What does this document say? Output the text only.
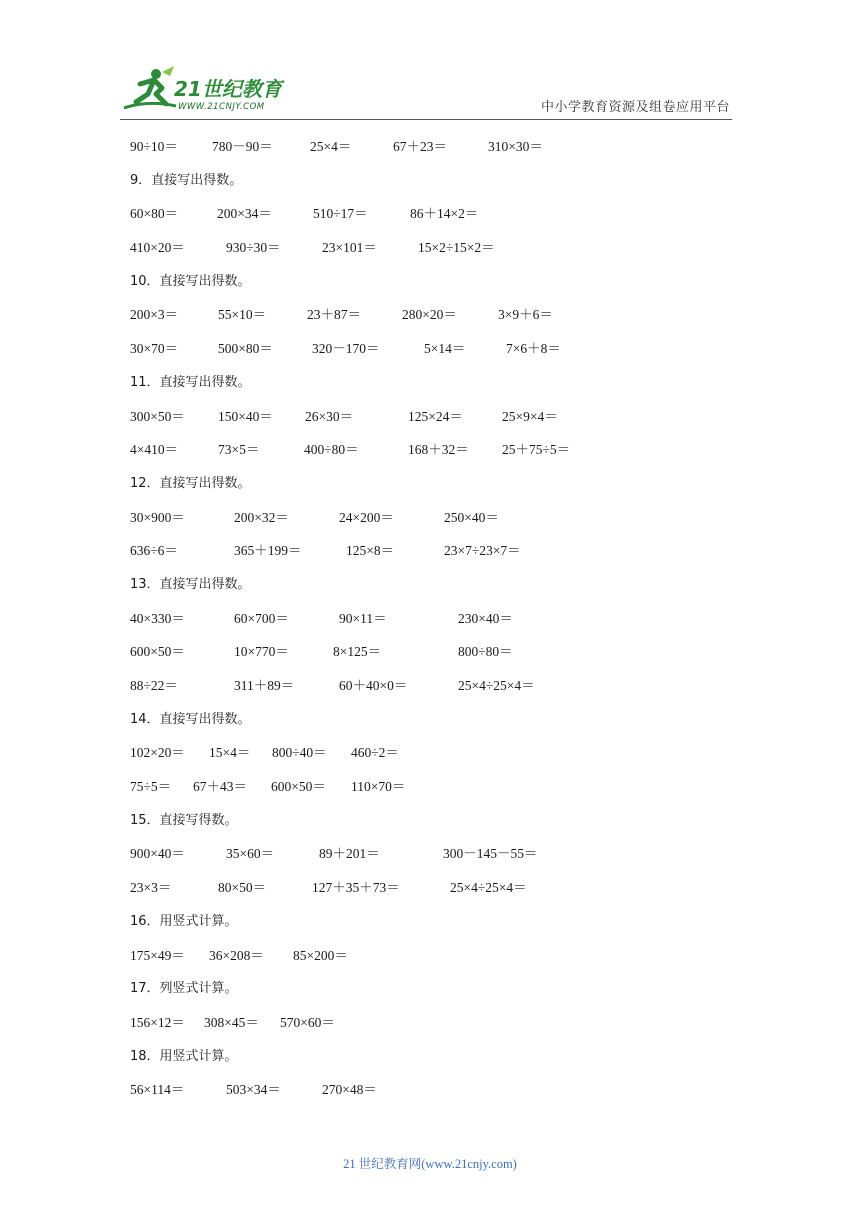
21世纪教育
WWW.21CNJY.COM	中小学教育资源及组卷应用平台
90÷10＝	780－90＝	25×4＝	67＋23＝	310×30＝
9．直接写出得数。
60×80＝	200×34＝	510÷17＝	86＋14×2＝
410×20＝	930÷30＝	23×101＝	15×2÷15×2＝
10．直接写出得数。
200×3＝	55×10＝	23＋87＝	280×20＝	3×9＋6＝
30×70＝	500×80＝	320－170＝	5×14＝	7×6＋8＝
11．直接写出得数。
300×50＝ 150×40＝ 26×30＝	125×24＝	25×9×4＝
4×410＝	73×5＝	400÷80＝	168＋32＝ 25＋75÷5＝
12．直接写出得数。
30×900＝	200×32＝	24×200＝	250×40＝
636÷6＝	365＋199＝	125×8＝	23×7÷23×7＝
13．直接写出得数。
40×330＝	60×700＝	90×11＝	230×40＝
600×50＝	10×770＝	8×125＝	800÷80＝
88÷22＝	311＋89＝	60＋40×0＝	25×4÷25×4＝
14．直接写出得数。
102×20＝ 15×4＝ 800÷40＝ 460÷2＝
75÷5＝ 67＋43＝ 600×50＝ 110×70＝
15．直接写得数。
900×40＝	35×60＝	89＋201＝	300－145－55＝
23×3＝	80×50＝	127＋35＋73＝	25×4÷25×4＝
16．用竖式计算。
175×49＝ 36×208＝ 85×200＝
17．列竖式计算。
156×12＝ 308×45＝ 570×60＝
18．用竖式计算。
56×114＝	503×34＝	270×48＝
21 世纪教育网(www.21cnjy.com)
